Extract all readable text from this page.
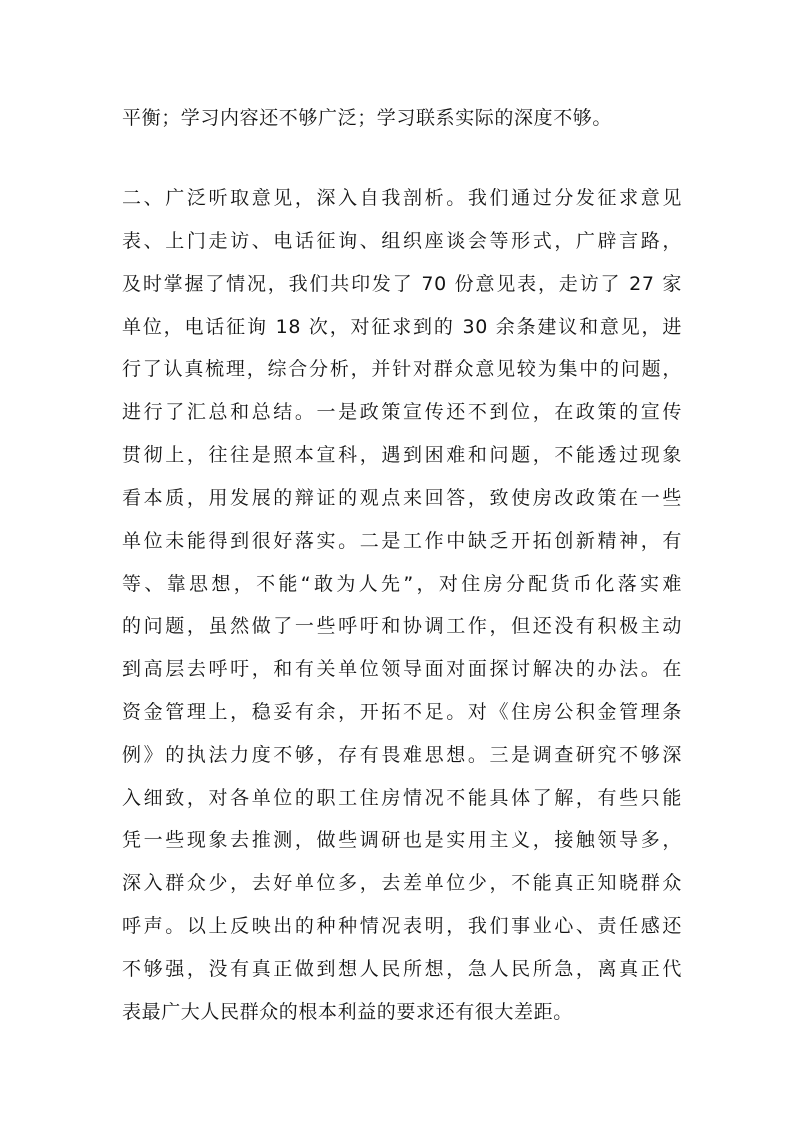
平衡；学习内容还不够广泛；学习联系实际的深度不够。
二、广泛听取意见，深入自我剖析。我们通过分发征求意见
表、上门走访、电话征询、组织座谈会等形式，广辟言路，
及时掌握了情况，我们共印发了 70 份意见表，走访了 27 家
单位，电话征询 18 次，对征求到的 30 余条建议和意见，进
行了认真梳理，综合分析，并针对群众意见较为集中的问题，
进行了汇总和总结。一是政策宣传还不到位，在政策的宣传
贯彻上，往往是照本宣科，遇到困难和问题，不能透过现象
看本质，用发展的辩证的观点来回答，致使房改政策在一些
单位未能得到很好落实。二是工作中缺乏开拓创新精神，有
等、靠思想，不能“敢为人先”，对住房分配货币化落实难
的问题，虽然做了一些呼吁和协调工作，但还没有积极主动
到高层去呼吁，和有关单位领导面对面探讨解决的办法。在
资金管理上，稳妥有余，开拓不足。对《住房公积金管理条
例》的执法力度不够，存有畏难思想。三是调查研究不够深
入细致，对各单位的职工住房情况不能具体了解，有些只能
凭一些现象去推测，做些调研也是实用主义，接触领导多，
深入群众少，去好单位多，去差单位少，不能真正知晓群众
呼声。以上反映出的种种情况表明，我们事业心、责任感还
不够强，没有真正做到想人民所想，急人民所急，离真正代
表最广大人民群众的根本利益的要求还有很大差距。
